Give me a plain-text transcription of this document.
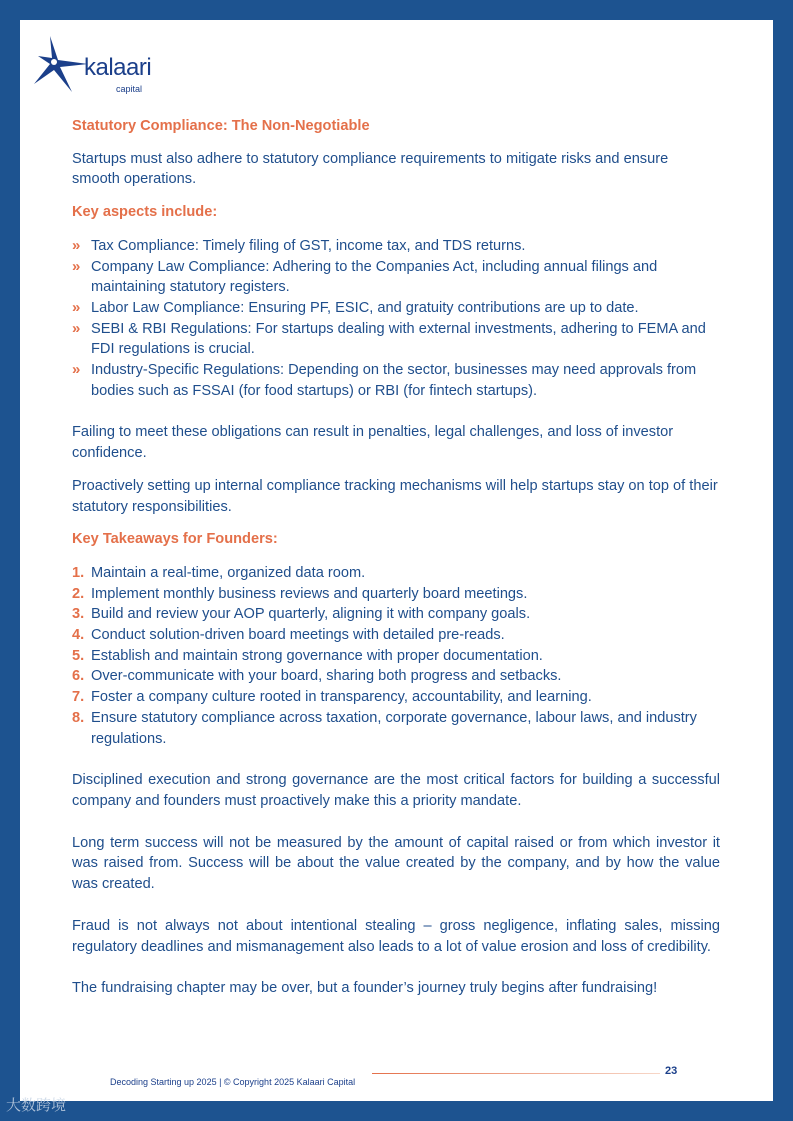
kalaari
capital

Statutory Compliance: The Non-Negotiable

Startups must also adhere to statutory compliance requirements to mitigate risks and ensure smooth operations.

Key aspects include:

» Tax Compliance: Timely filing of GST, income tax, and TDS returns.
» Company Law Compliance: Adhering to the Companies Act, including annual filings and maintaining statutory registers.
» Labor Law Compliance: Ensuring PF, ESIC, and gratuity contributions are up to date.
» SEBI & RBI Regulations: For startups dealing with external investments, adhering to FEMA and FDI regulations is crucial.
» Industry-Specific Regulations: Depending on the sector, businesses may need approvals from bodies such as FSSAI (for food startups) or RBI (for fintech startups).

Failing to meet these obligations can result in penalties, legal challenges, and loss of investor confidence.

Proactively setting up internal compliance tracking mechanisms will help startups stay on top of their statutory responsibilities.

Key Takeaways for Founders:

1. Maintain a real-time, organized data room.
2. Implement monthly business reviews and quarterly board meetings.
3. Build and review your AOP quarterly, aligning it with company goals.
4. Conduct solution-driven board meetings with detailed pre-reads.
5. Establish and maintain strong governance with proper documentation.
6. Over-communicate with your board, sharing both progress and setbacks.
7. Foster a company culture rooted in transparency, accountability, and learning.
8. Ensure statutory compliance across taxation, corporate governance, labour laws, and industry regulations.

Disciplined execution and strong governance are the most critical factors for building a successful company and founders must proactively make this a priority mandate.

Long term success will not be measured by the amount of capital raised or from which investor it was raised from. Success will be about the value created by the company, and by how the value was created.

Fraud is not always not about intentional stealing – gross negligence, inflating sales, missing regulatory deadlines and mismanagement also leads to a lot of value erosion and loss of credibility.

The fundraising chapter may be over, but a founder’s journey truly begins after fundraising!

23
Decoding Starting up 2025 | © Copyright 2025 Kalaari Capital
大数跨境
